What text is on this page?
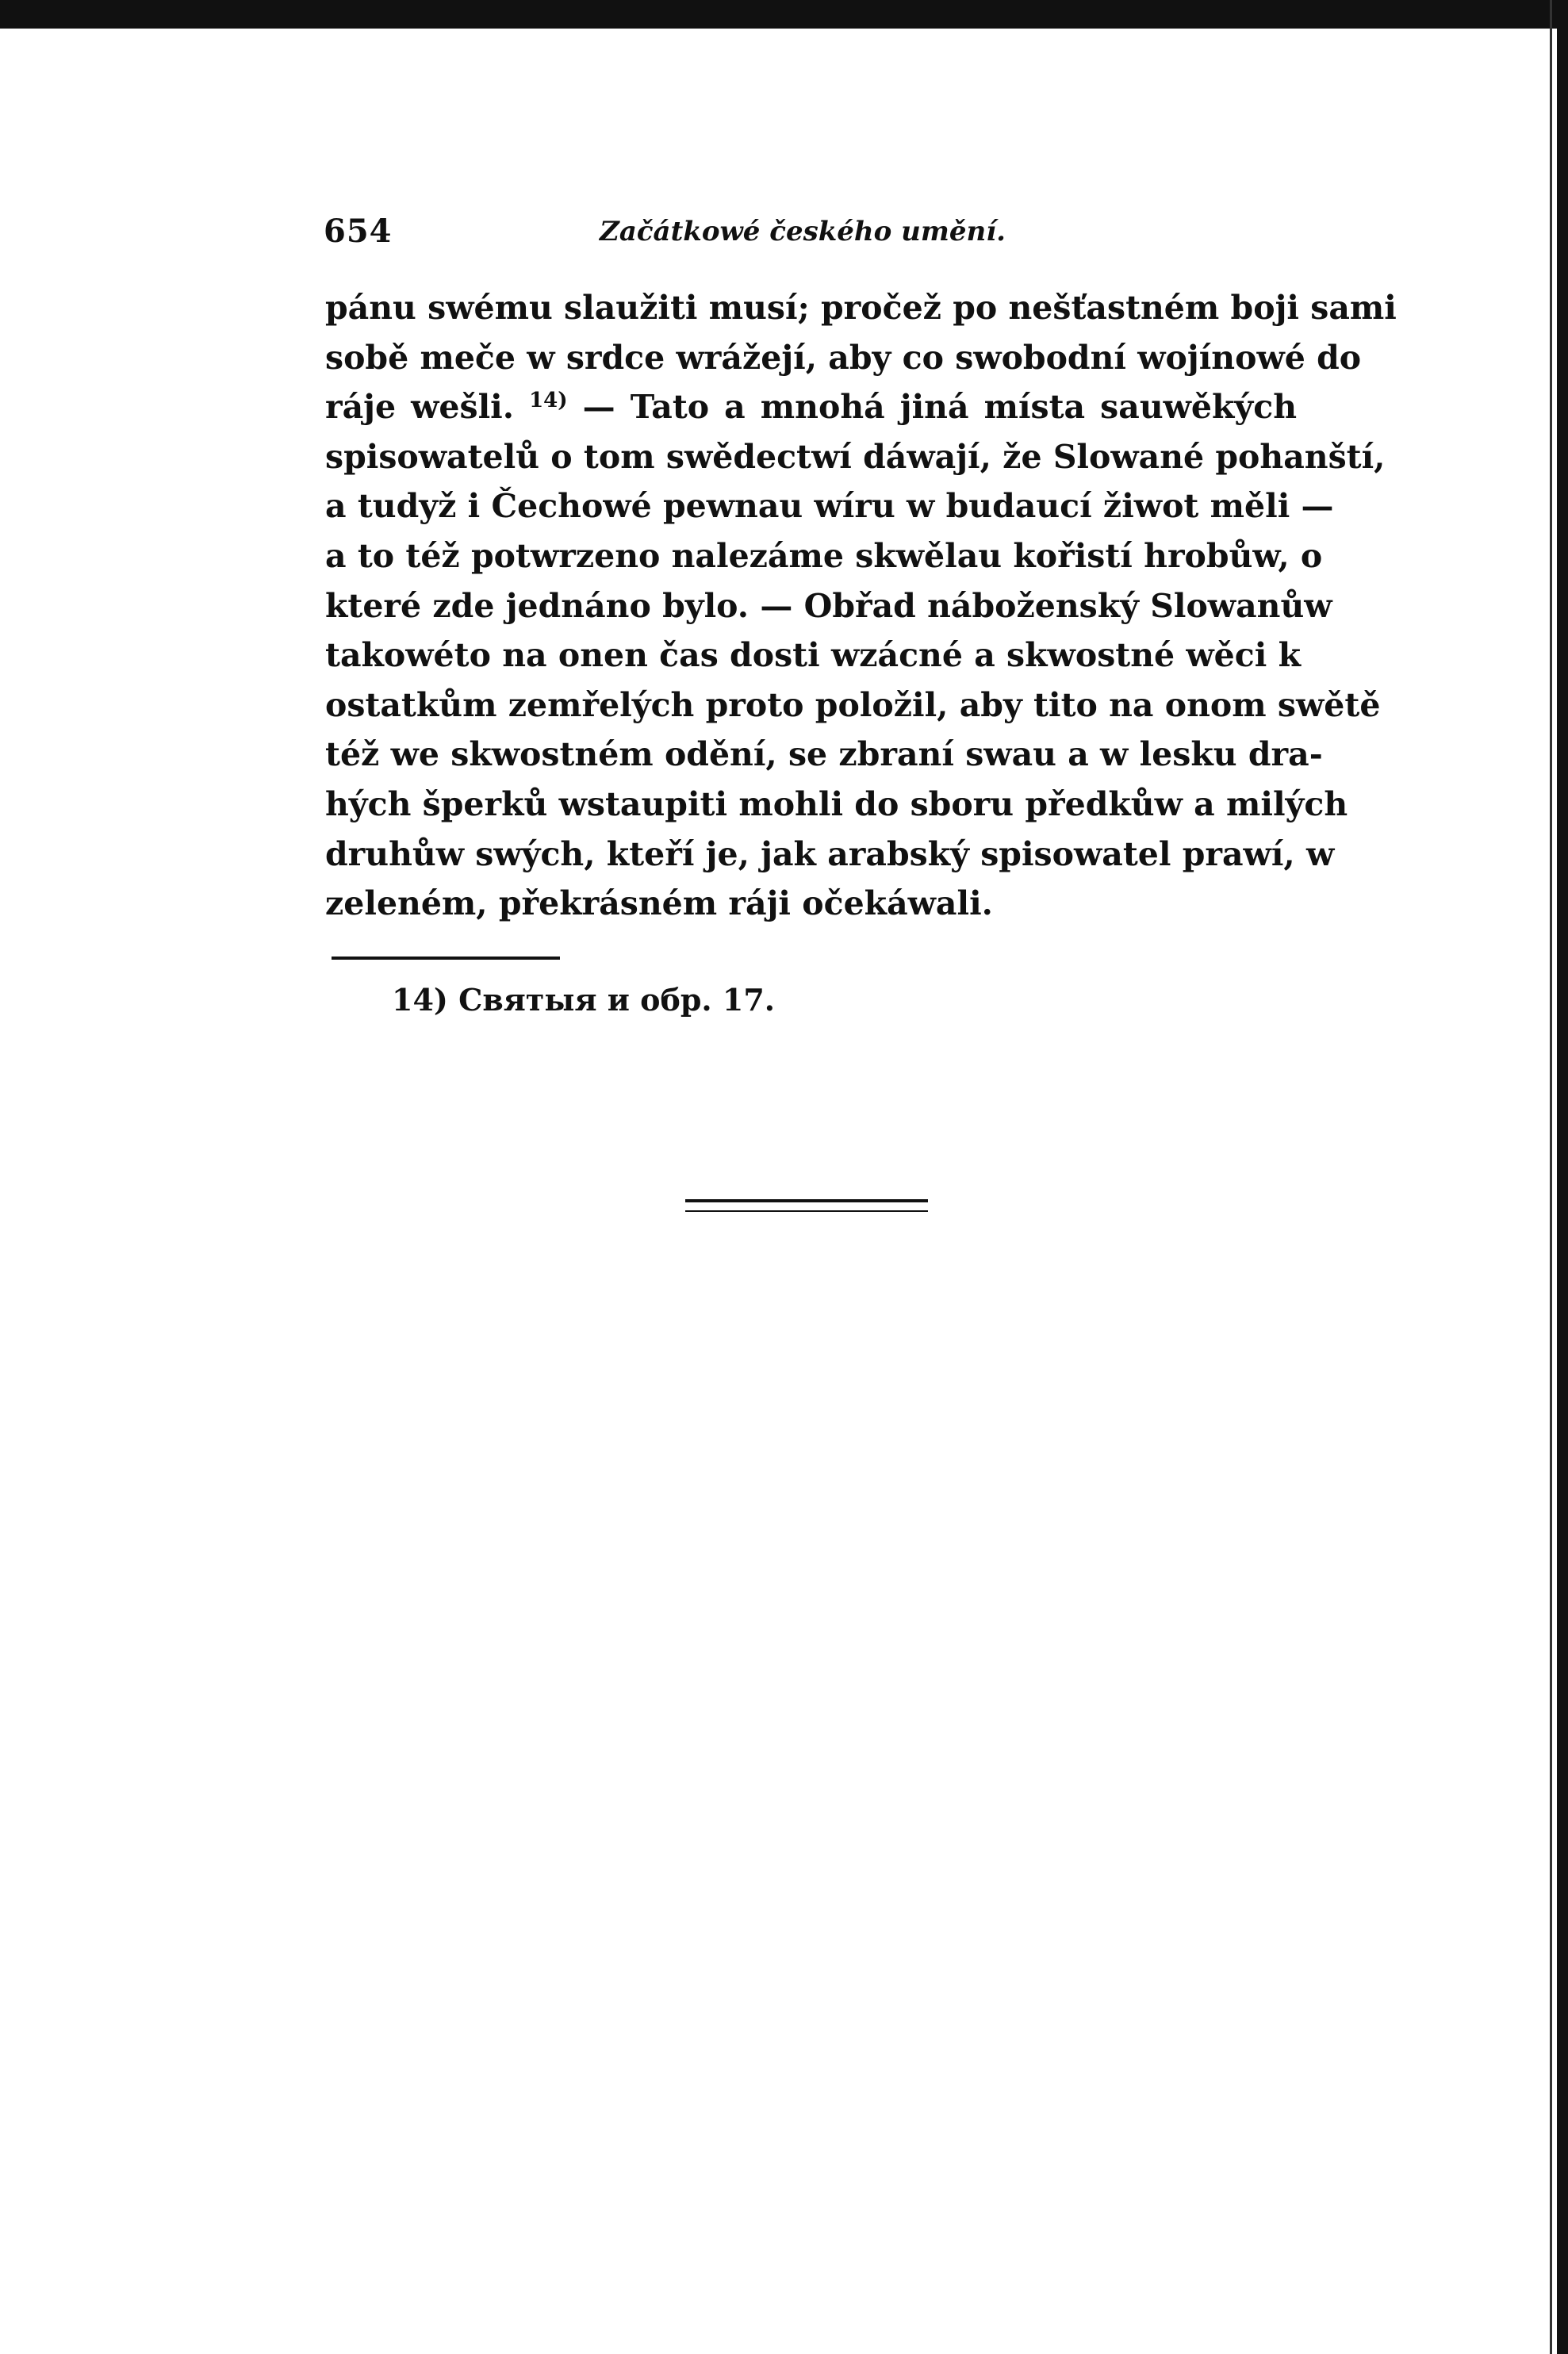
654	Začátkowé českého umění.
pánu swému slaužiti musí; pročež po nešťastném boji sami
sobě meče w srdce wrážejí, aby co swobodní wojínowé do
ráje wešli. $^{14)}$ — Tato a mnohá jiná místa sauwěkých
spisowatelů o tom swědectwí dáwají, že Slowané pohanští,
a tudyž i Čechowé pewnau wíru w budaucí žiwot měli —
a to též potwrzeno nalezáme skwělau kořistí hrobůw, o
které zde jednáno bylo. — Obřad náboženský Slowanůw
takowéto na onen čas dosti wzácné a skwostné wěci k
ostatkům zemřelých proto položil, aby tito na onom swětě
též we skwostném odění, se zbraní swau a w lesku dra-
hých šperků wstaupiti mohli do sboru předkůw a milých
druhůw swých, kteří je, jak arabský spisowatel prawí, w
zeleném, překrásném ráji očekáwali.
14) Святыя и обр. 17.
